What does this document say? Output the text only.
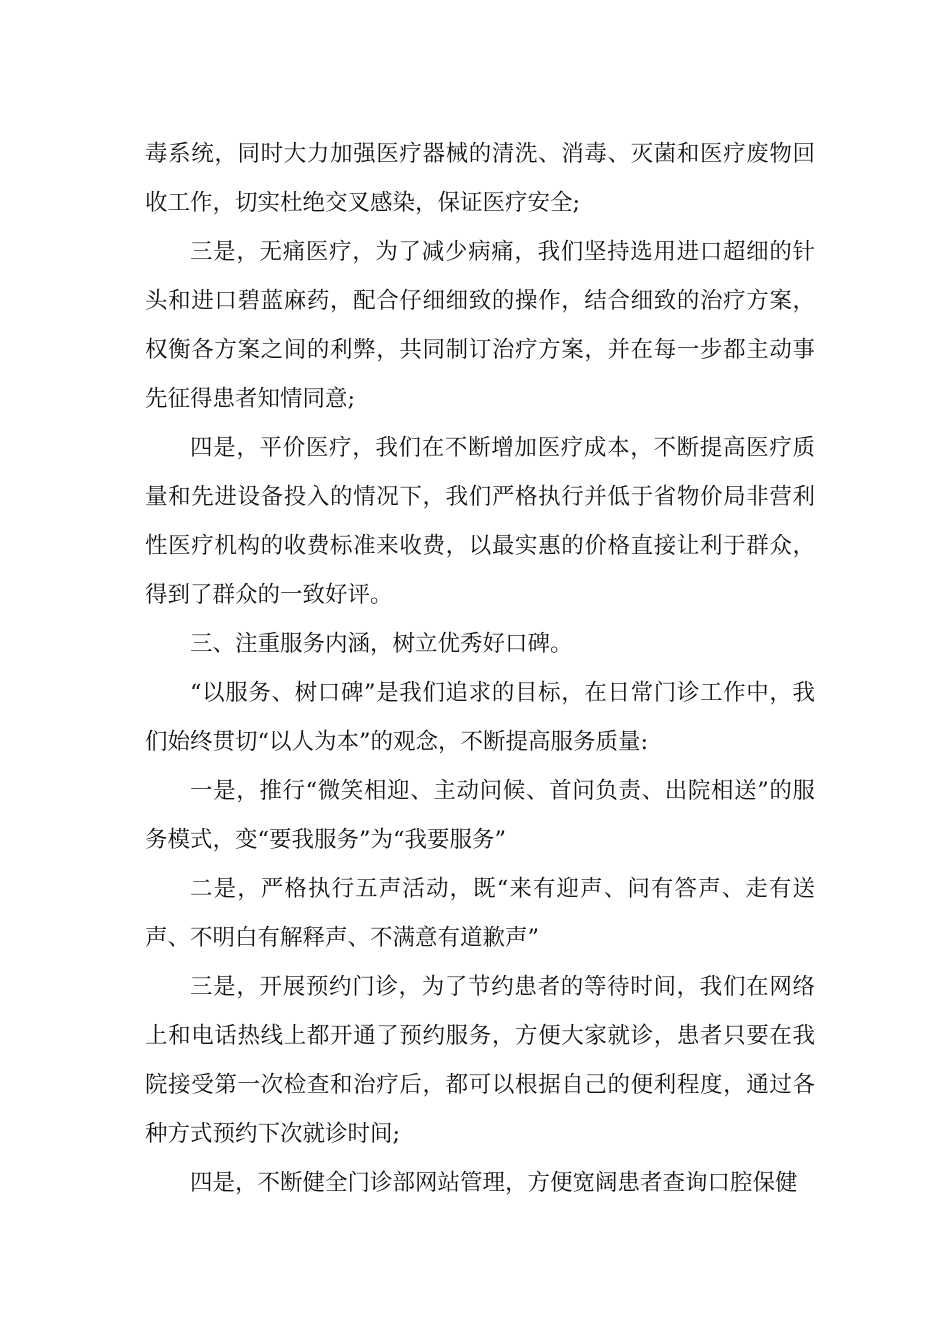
毒系统，同时大力加强医疗器械的清洗、消毒、灭菌和医疗废物回收工作，切实杜绝交叉感染，保证医疗安全;

三是，无痛医疗，为了减少病痛，我们坚持选用进口超细的针头和进口碧蓝麻药，配合仔细细致的操作，结合细致的治疗方案，权衡各方案之间的利弊，共同制订治疗方案，并在每一步都主动事先征得患者知情同意;

四是，平价医疗，我们在不断增加医疗成本，不断提高医疗质量和先进设备投入的情况下，我们严格执行并低于省物价局非营利性医疗机构的收费标准来收费，以最实惠的价格直接让利于群众，得到了群众的一致好评。

三、注重服务内涵，树立优秀好口碑。

“以服务、树口碑”是我们追求的目标，在日常门诊工作中，我们始终贯切“以人为本”的观念，不断提高服务质量:

一是，推行“微笑相迎、主动问候、首问负责、出院相送”的服务模式，变“要我服务”为“我要服务”

二是，严格执行五声活动，既“来有迎声、问有答声、走有送声、不明白有解释声、不满意有道歉声”

三是，开展预约门诊，为了节约患者的等待时间，我们在网络上和电话热线上都开通了预约服务，方便大家就诊，患者只要在我院接受第一次检查和治疗后，都可以根据自己的便利程度，通过各种方式预约下次就诊时间;

四是，不断健全门诊部网站管理，方便宽阔患者查询口腔保健
